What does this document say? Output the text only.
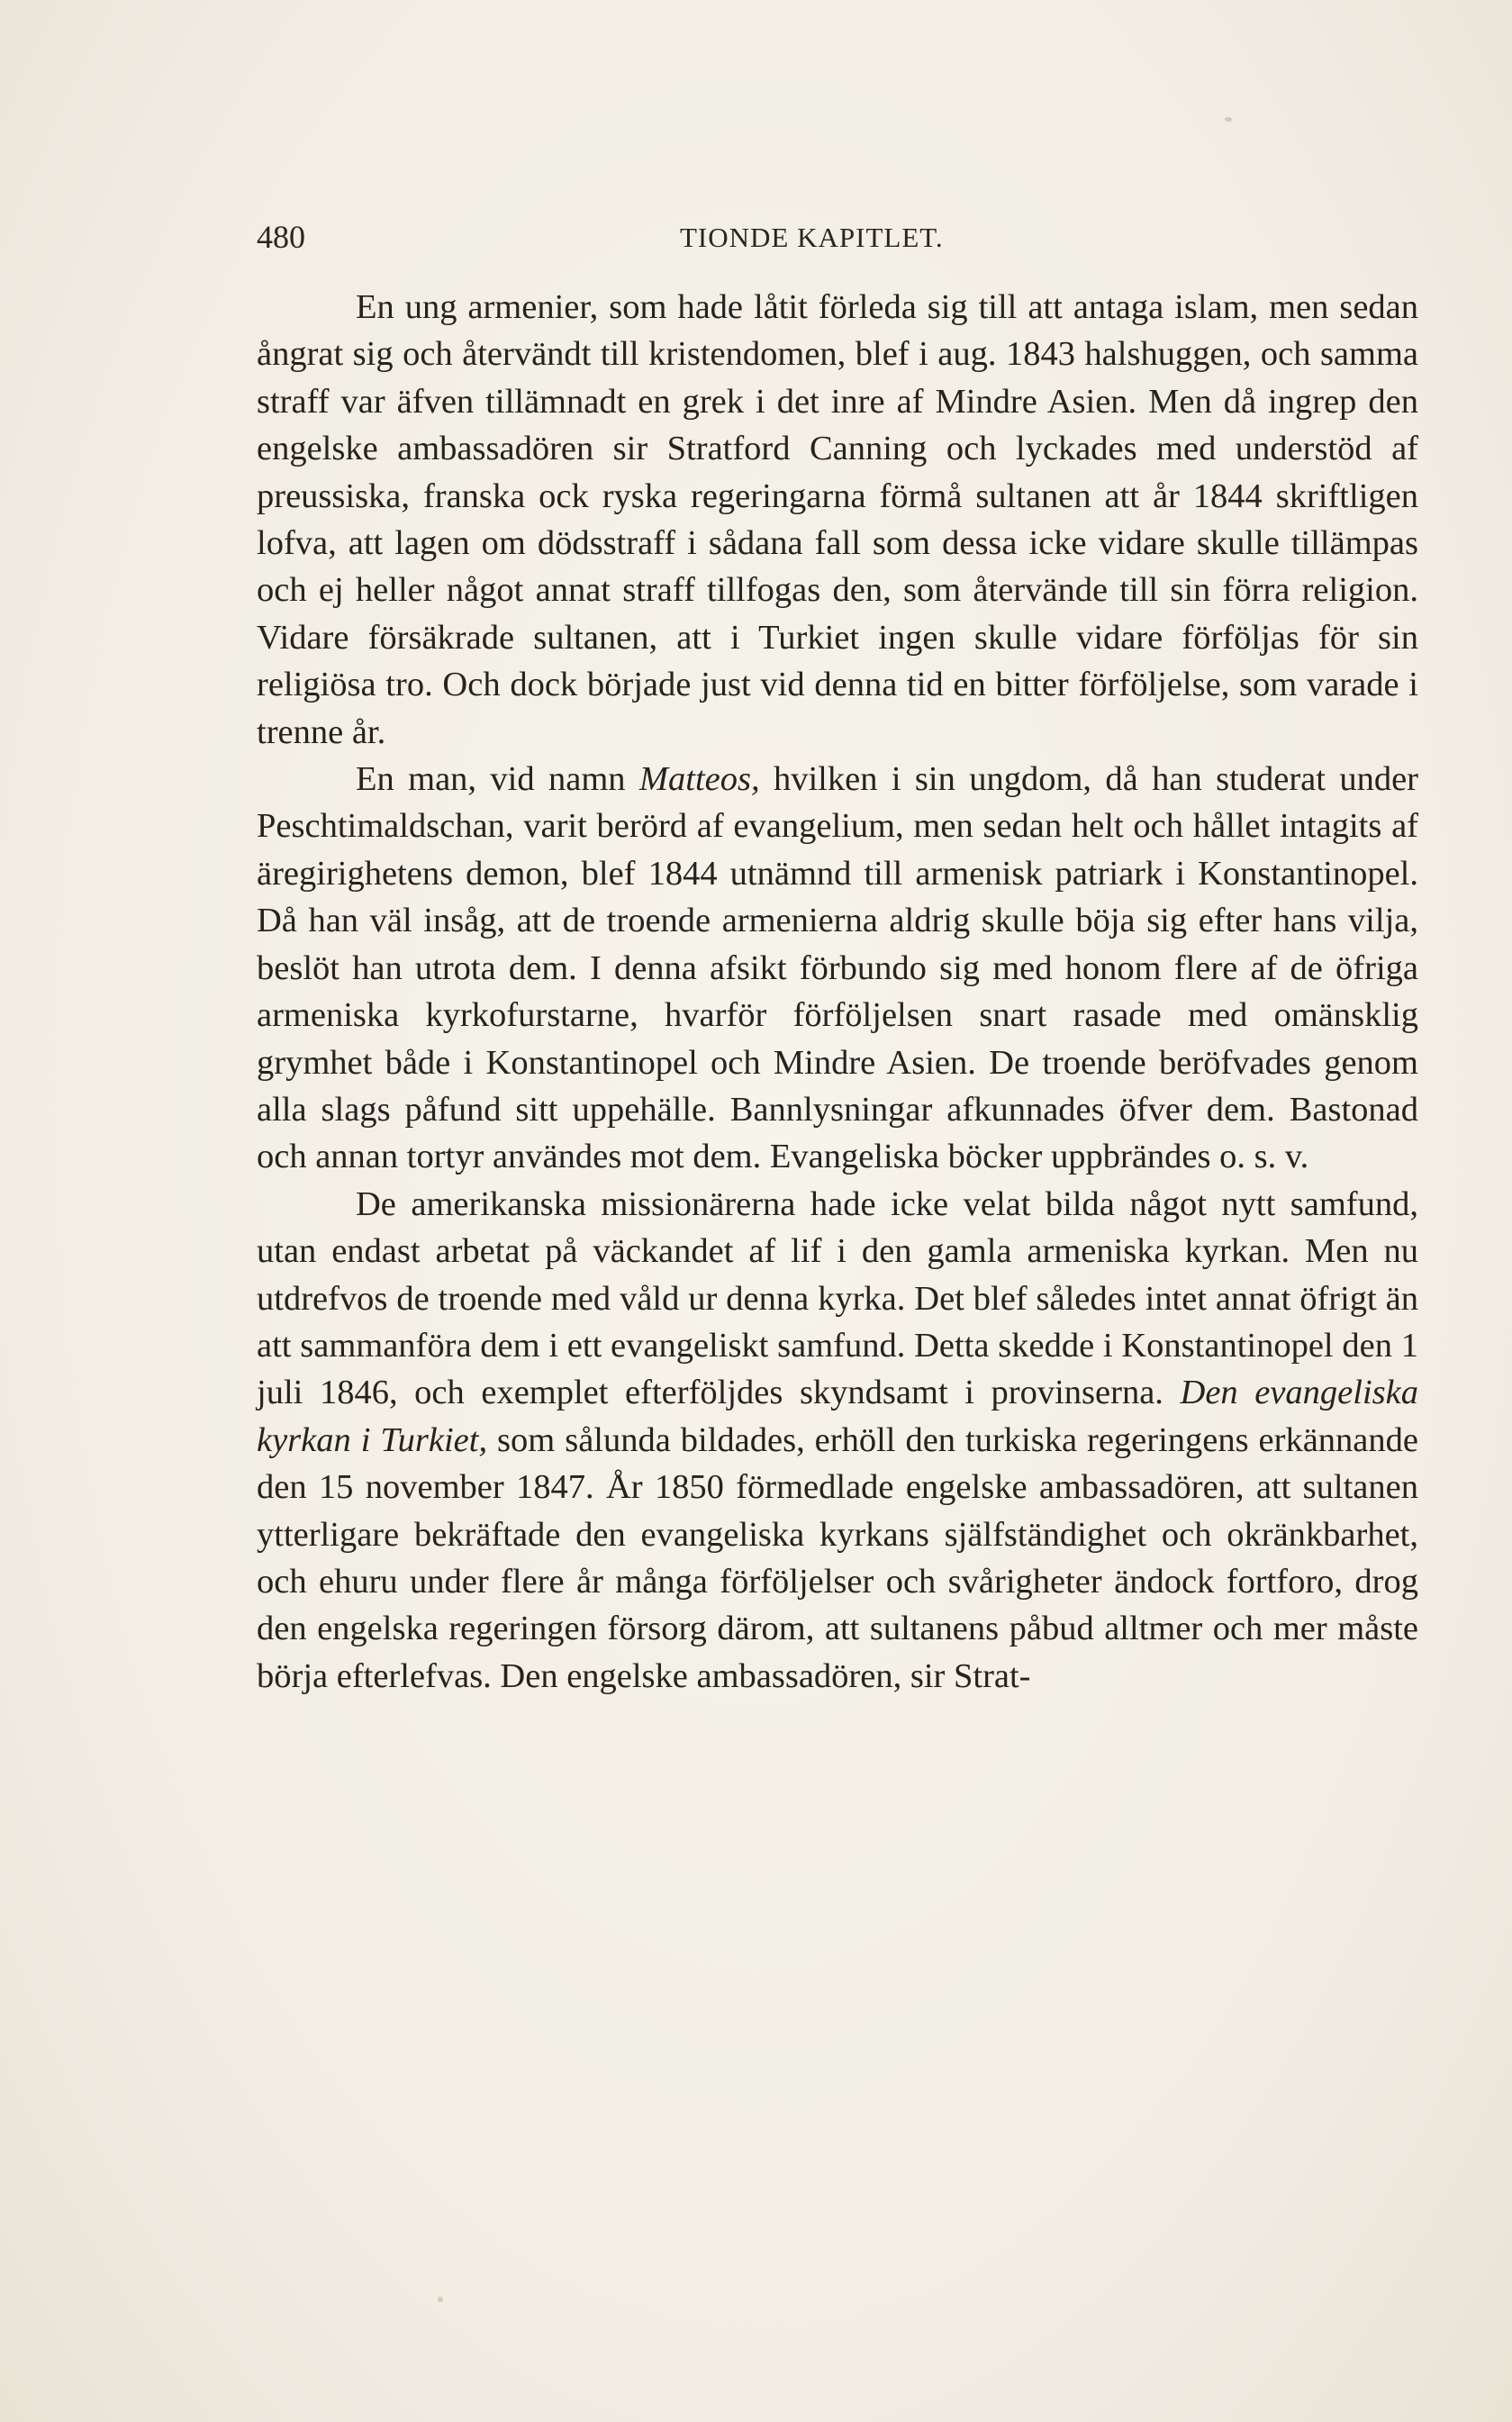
480	TIONDE KAPITLET.

En ung armenier, som hade låtit förleda sig till att antaga islam, men sedan ångrat sig och återvändt till kristendomen, blef i aug. 1843 halshuggen, och samma straff var äfven tillämnadt en grek i det inre af Mindre Asien. Men då ingrep den engelske ambassadören sir Stratford Canning och lyckades med understöd af preussiska, franska ock ryska regeringarna förmå sultanen att år 1844 skriftligen lofva, att lagen om dödsstraff i sådana fall som dessa icke vidare skulle tillämpas och ej heller något annat straff tillfogas den, som återvände till sin förra religion. Vidare försäkrade sultanen, att i Turkiet ingen skulle vidare förföljas för sin religiösa tro. Och dock började just vid denna tid en bitter förföljelse, som varade i trenne år.

En man, vid namn Matteos, hvilken i sin ungdom, då han studerat under Peschtimaldschan, varit berörd af evangelium, men sedan helt och hållet intagits af äregirighetens demon, blef 1844 utnämnd till armenisk patriark i Konstantinopel. Då han väl insåg, att de troende armenierna aldrig skulle böja sig efter hans vilja, beslöt han utrota dem. I denna afsikt förbundo sig med honom flere af de öfriga armeniska kyrkofurstarne, hvarför förföljelsen snart rasade med omänsklig grymhet både i Konstantinopel och Mindre Asien. De troende beröfvades genom alla slags påfund sitt uppehälle. Bannlysningar afkunnades öfver dem. Bastonad och annan tortyr användes mot dem. Evangeliska böcker uppbrändes o. s. v.

De amerikanska missionärerna hade icke velat bilda något nytt samfund, utan endast arbetat på väckandet af lif i den gamla armeniska kyrkan. Men nu utdrefvos de troende med våld ur denna kyrka. Det blef således intet annat öfrigt än att sammanföra dem i ett evangeliskt samfund. Detta skedde i Konstantinopel den 1 juli 1846, och exemplet efterföljdes skyndsamt i provinserna. Den evangeliska kyrkan i Turkiet, som sålunda bildades, erhöll den turkiska regeringens erkännande den 15 november 1847. År 1850 förmedlade engelske ambassadören, att sultanen ytterligare bekräftade den evangeliska kyrkans själfständighet och okränkbarhet, och ehuru under flere år många förföljelser och svårigheter ändock fortforo, drog den engelska regeringen försorg därom, att sultanens påbud alltmer och mer måste börja efterlefvas. Den engelske ambassadören, sir Strat-
